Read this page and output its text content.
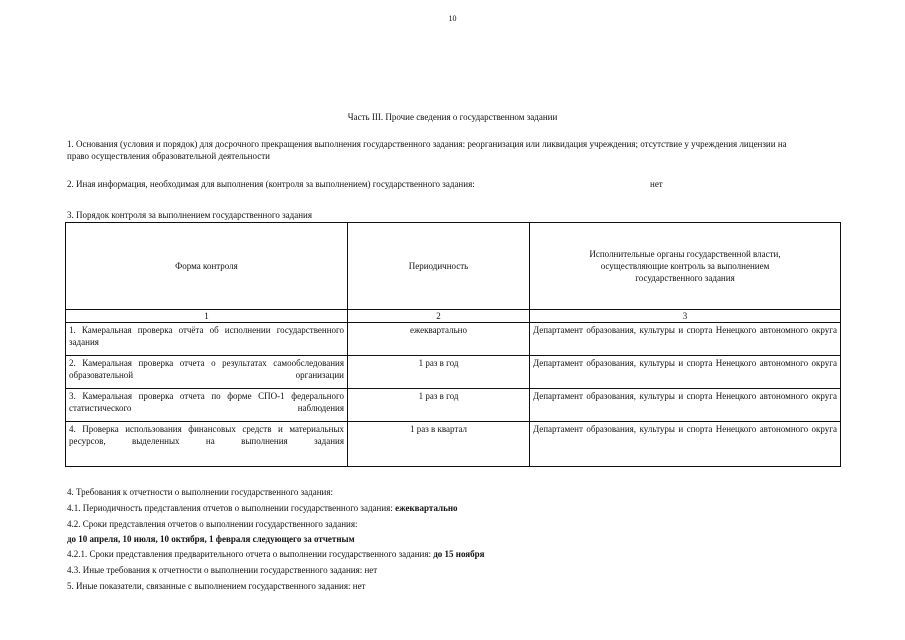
10
Часть III. Прочие сведения о государственном задании
1. Основания (условия и порядок) для досрочного прекращения выполнения государственного задания: реорганизация или ликвидация учреждения; отсутствие у учреждения лицензии на право осуществления образовательной деятельности
2. Иная информация, необходимая для выполнения (контроля за выполнением) государственного задания:	нет
3. Порядок контроля за выполнением государственного задания
Форма контроля	Периодичность	Исполнительные органы государственной власти, осуществляющие контроль за выполнением государственного задания
1	2	3
1. Камеральная проверка отчёта об исполнении государственного задания	ежеквартально	Департамент образования, культуры и спорта Ненецкого автономного округа
2. Камеральная проверка отчета о результатах самообследования образовательной организации	1 раз в год	Департамент образования, культуры и спорта Ненецкого автономного округа
3. Камеральная проверка отчета по форме СПО-1 федерального статистического наблюдения	1 раз в год	Департамент образования, культуры и спорта Ненецкого автономного округа
4. Проверка использования финансовых средств и материальных ресурсов, выделенных на выполнения задания	1 раз в квартал	Департамент образования, культуры и спорта Ненецкого автономного округа
4. Требования к отчетности о выполнении государственного задания:
4.1. Периодичность представления отчетов о выполнении государственного задания: ежеквартально
4.2. Сроки представления отчетов о выполнении государственного задания:
до 10 апреля, 10 июля, 10 октября, 1 февраля следующего за отчетным
4.2.1. Сроки представления предварительного отчета о выполнении государственного задания: до 15 ноября
4.3. Иные требования к отчетности о выполнении государственного задания: нет
5. Иные показатели, связанные с выполнением государственного задания: нет
